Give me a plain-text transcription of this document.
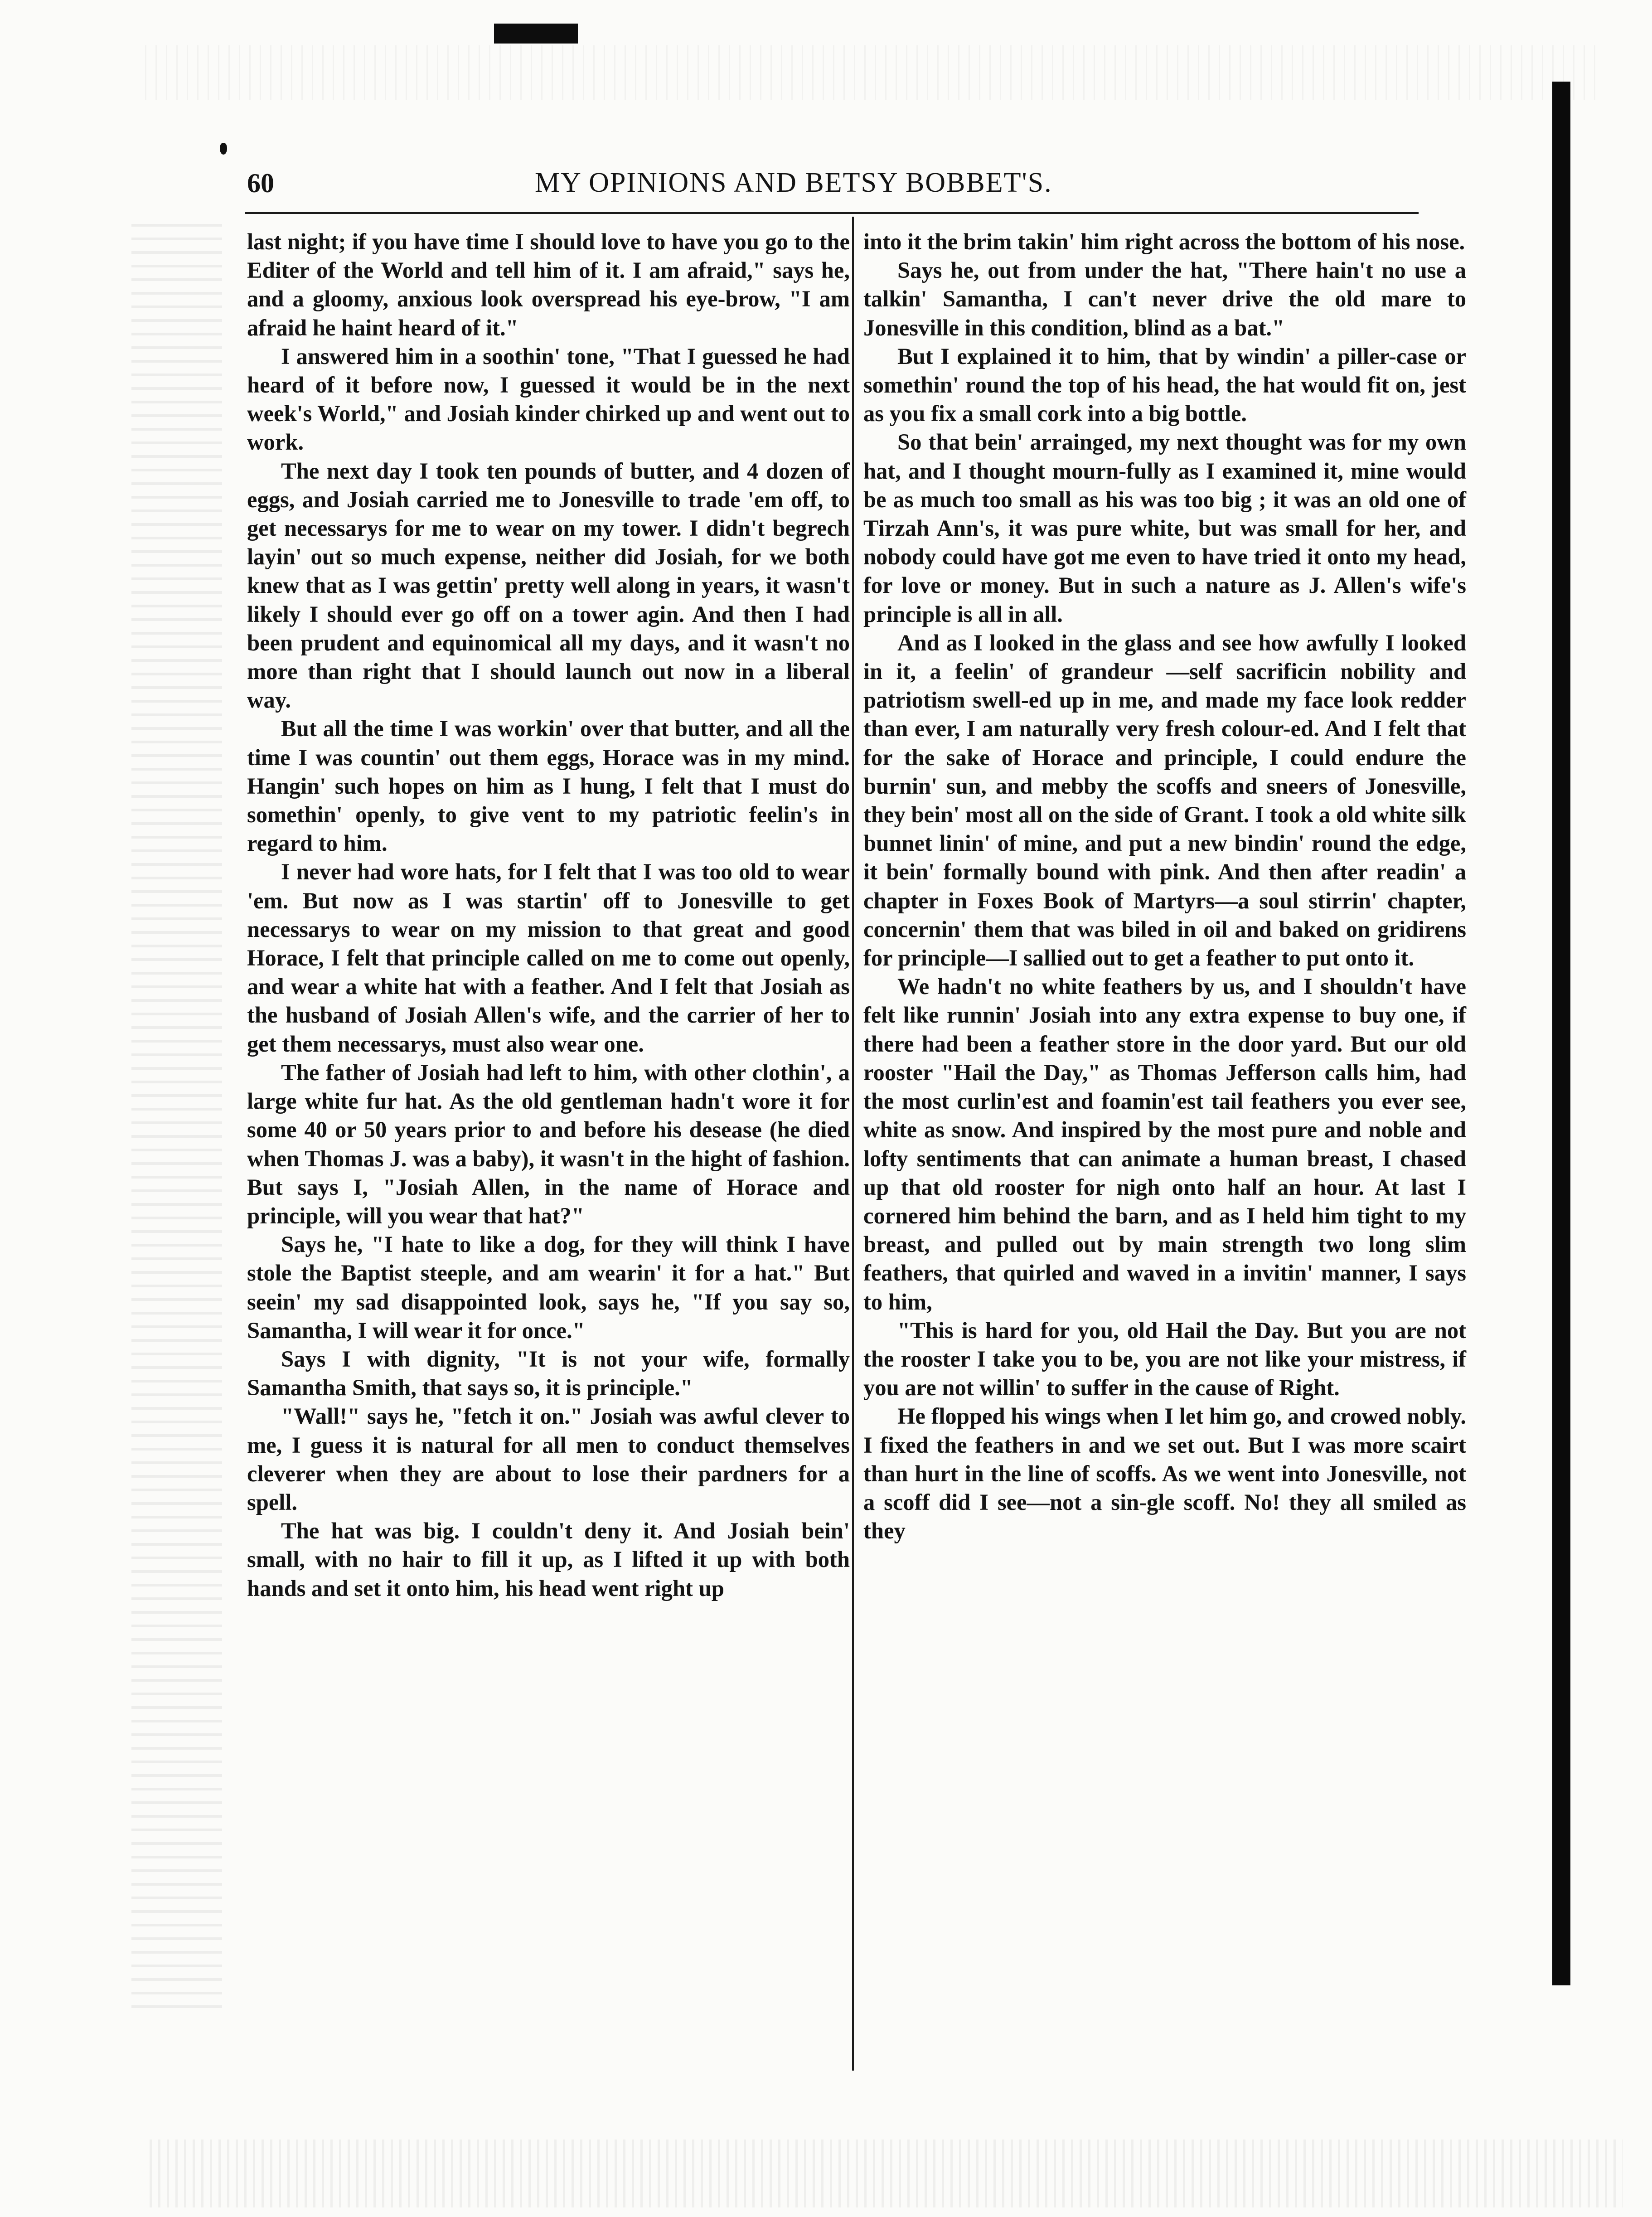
60	MY OPINIONS AND BETSY BOBBET'S.

last night; if you have time I should love to have you go to the Editer of the World and tell him of it. I am afraid," says he, and a gloomy, anxious look overspread his eye-brow, "I am afraid he haint heard of it."

I answered him in a soothin' tone, "That I guessed he had heard of it before now, I guessed it would be in the next week's World," and Josiah kinder chirked up and went out to work.

The next day I took ten pounds of butter, and 4 dozen of eggs, and Josiah carried me to Jonesville to trade 'em off, to get necessarys for me to wear on my tower. I didn't begrech layin' out so much expense, neither did Josiah, for we both knew that as I was gettin' pretty well along in years, it wasn't likely I should ever go off on a tower agin. And then I had been prudent and equinomical all my days, and it wasn't no more than right that I should launch out now in a liberal way.

But all the time I was workin' over that butter, and all the time I was countin' out them eggs, Horace was in my mind. Hangin' such hopes on him as I hung, I felt that I must do somethin' openly, to give vent to my patriotic feelin's in regard to him.

I never had wore hats, for I felt that I was too old to wear 'em. But now as I was startin' off to Jonesville to get necessarys to wear on my mission to that great and good Horace, I felt that principle called on me to come out openly, and wear a white hat with a feather. And I felt that Josiah as the husband of Josiah Allen's wife, and the carrier of her to get them necessarys, must also wear one.

The father of Josiah had left to him, with other clothin', a large white fur hat. As the old gentleman hadn't wore it for some 40 or 50 years prior to and before his desease (he died when Thomas J. was a baby), it wasn't in the hight of fashion. But says I, "Josiah Allen, in the name of Horace and principle, will you wear that hat?"

Says he, "I hate to like a dog, for they will think I have stole the Baptist steeple, and am wearin' it for a hat." But seein' my sad disappointed look, says he, "If you say so, Samantha, I will wear it for once."

Says I with dignity, "It is not your wife, formally Samantha Smith, that says so, it is principle."

"Wall!" says he, "fetch it on." Josiah was awful clever to me, I guess it is natural for all men to conduct themselves cleverer when they are about to lose their pardners for a spell.

The hat was big. I couldn't deny it. And Josiah bein' small, with no hair to fill it up, as I lifted it up with both hands and set it onto him, his head went right up

into it the brim takin' him right across the bottom of his nose.

Says he, out from under the hat, "There hain't no use a talkin' Samantha, I can't never drive the old mare to Jonesville in this condition, blind as a bat."

But I explained it to him, that by windin' a piller-case or somethin' round the top of his head, the hat would fit on, jest as you fix a small cork into a big bottle.

So that bein' arrainged, my next thought was for my own hat, and I thought mourn-fully as I examined it, mine would be as much too small as his was too big ; it was an old one of Tirzah Ann's, it was pure white, but was small for her, and nobody could have got me even to have tried it onto my head, for love or money. But in such a nature as J. Allen's wife's principle is all in all.

And as I looked in the glass and see how awfully I looked in it, a feelin' of grandeur —self sacrificin nobility and patriotism swell-ed up in me, and made my face look redder than ever, I am naturally very fresh colour-ed. And I felt that for the sake of Horace and principle, I could endure the burnin' sun, and mebby the scoffs and sneers of Jonesville, they bein' most all on the side of Grant. I took a old white silk bunnet linin' of mine, and put a new bindin' round the edge, it bein' formally bound with pink. And then after readin' a chapter in Foxes Book of Martyrs—a soul stirrin' chapter, concernin' them that was biled in oil and baked on gridirens for principle—I sallied out to get a feather to put onto it.

We hadn't no white feathers by us, and I shouldn't have felt like runnin' Josiah into any extra expense to buy one, if there had been a feather store in the door yard. But our old rooster "Hail the Day," as Thomas Jefferson calls him, had the most curlin'est and foamin'est tail feathers you ever see, white as snow. And inspired by the most pure and noble and lofty sentiments that can animate a human breast, I chased up that old rooster for nigh onto half an hour. At last I cornered him behind the barn, and as I held him tight to my breast, and pulled out by main strength two long slim feathers, that quirled and waved in a invitin' manner, I says to him,

"This is hard for you, old Hail the Day. But you are not the rooster I take you to be, you are not like your mistress, if you are not willin' to suffer in the cause of Right.

He flopped his wings when I let him go, and crowed nobly. I fixed the feathers in and we set out. But I was more scairt than hurt in the line of scoffs. As we went into Jonesville, not a scoff did I see—not a sin-gle scoff. No! they all smiled as they
